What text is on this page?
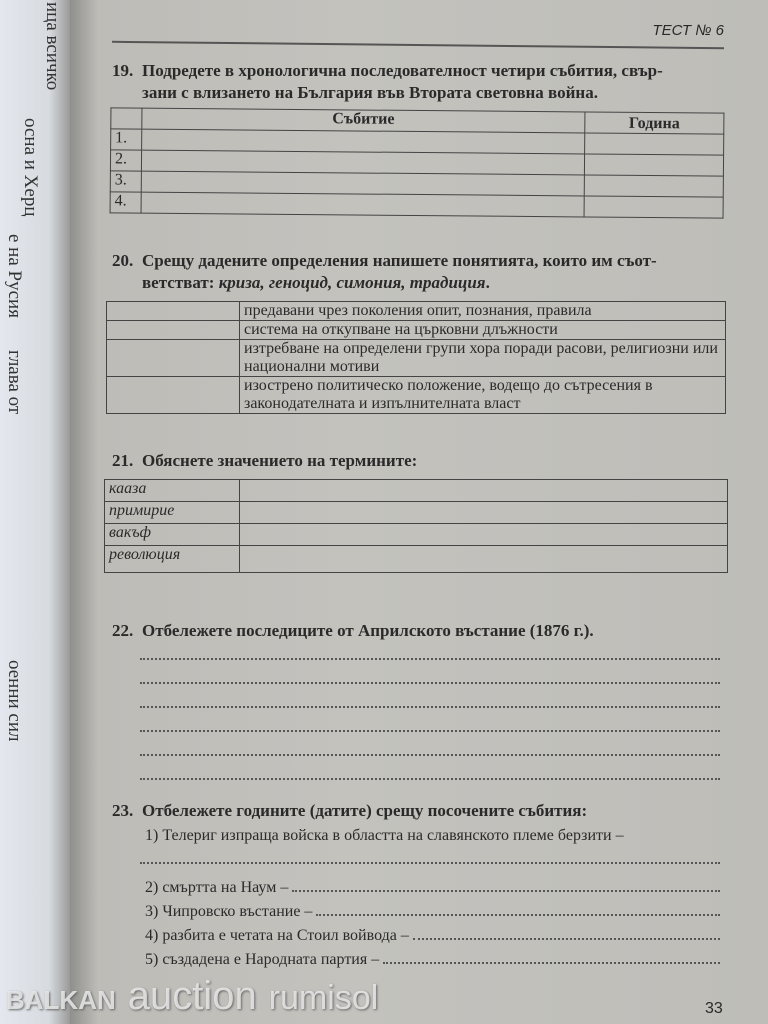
ица всичко
осна и Херц
е на Русия
глава от
оенни сил
ТЕСТ № 6
19. Подредете в хронологична последователност четири събития, свър-
зани с влизането на България във Втората световна война.
	Събитие	Година
1.		
2.		
3.		
4.		
20. Срещу дадените определения напишете понятията, които им съот-
ветстват: криза, геноцид, симония, традиция.
	предавани чрез поколения опит, познания, правила
	система на откупване на църковни длъжности
	изтребване на определени групи хора поради расови, религиозни или национални мотиви
	изострено политическо положение, водещо до сътресения в законодателната и изпълнителната власт
21. Обяснете значението на термините:
кааза	
примирие	
вакъф	
революция	
22. Отбележете последиците от Априлското въстание (1876 г.).
23. Отбележете годините (датите) срещу посочените събития:
1) Телериг изпраща войска в областта на славянското племе берзити –
2) смъртта на Наум –
3) Чипровско въстание –
4) разбита е четата на Стоил войвода –
5) създадена е Народната партия –
33
BALKAN auction rumisol
